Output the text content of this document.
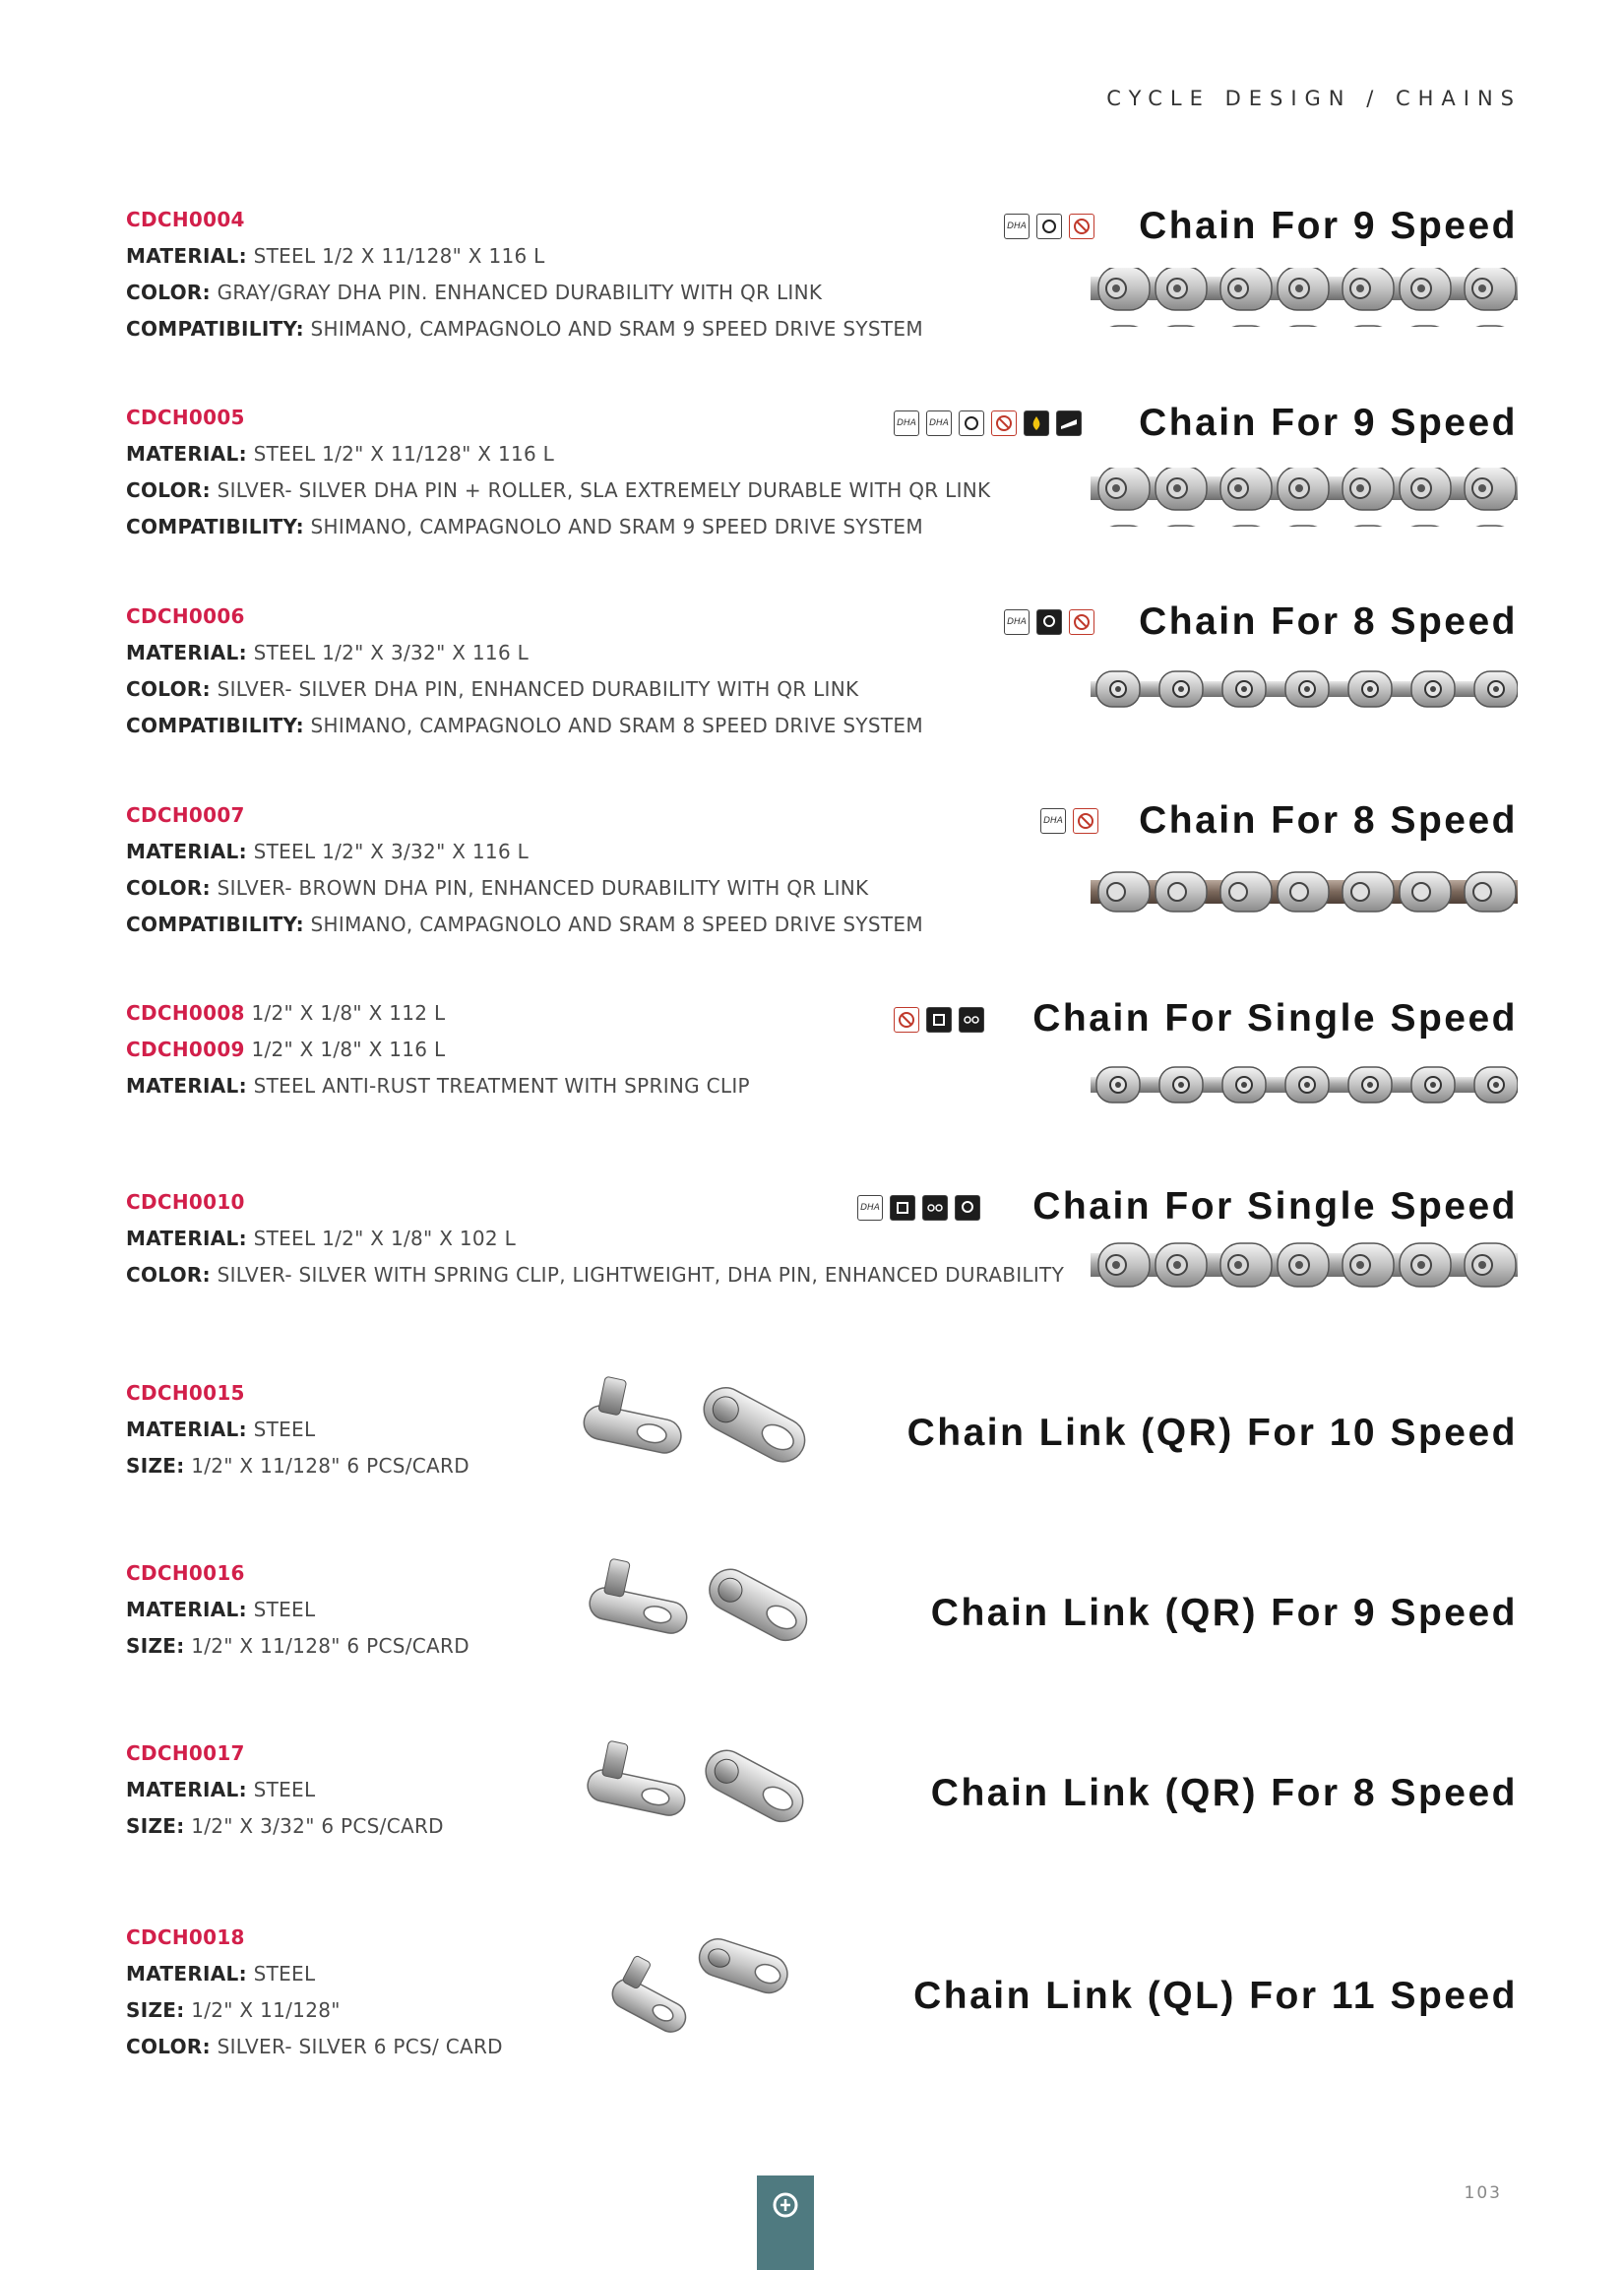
CYCLE DESIGN / CHAINS
CDCH0004
MATERIAL: STEEL 1/2 X 11/128" X 116 L
COLOR: GRAY/GRAY DHA PIN. ENHANCED DURABILITY WITH QR LINK
COMPATIBILITY: SHIMANO, CAMPAGNOLO AND SRAM 9 SPEED DRIVE SYSTEM
DHA	Chain For 9 Speed
CDCH0005
MATERIAL: STEEL 1/2" X 11/128" X 116 L
COLOR: SILVER- SILVER DHA PIN + ROLLER, SLA EXTREMELY DURABLE WITH QR LINK
COMPATIBILITY: SHIMANO, CAMPAGNOLO AND SRAM 9 SPEED DRIVE SYSTEM
DHA	DHA	Chain For 9 Speed
CDCH0006
MATERIAL: STEEL 1/2" X 3/32" X 116 L
COLOR: SILVER- SILVER DHA PIN, ENHANCED DURABILITY WITH QR LINK
COMPATIBILITY: SHIMANO, CAMPAGNOLO AND SRAM 8 SPEED DRIVE SYSTEM
DHA	Chain For 8 Speed
CDCH0007
MATERIAL: STEEL 1/2" X 3/32" X 116 L
COLOR: SILVER- BROWN DHA PIN, ENHANCED DURABILITY WITH QR LINK
COMPATIBILITY: SHIMANO, CAMPAGNOLO AND SRAM 8 SPEED DRIVE SYSTEM
DHA Chain For 8 Speed
CDCH0008 1/2" X 1/8" X 112 L
CDCH0009 1/2" X 1/8" X 116 L
MATERIAL: STEEL ANTI-RUST TREATMENT WITH SPRING CLIP
Chain For Single Speed
CDCH0010
MATERIAL: STEEL 1/2" X 1/8" X 102 L
COLOR: SILVER- SILVER WITH SPRING CLIP, LIGHTWEIGHT, DHA PIN, ENHANCED DURABILITY
DHA	Chain For Single Speed
CDCH0015
MATERIAL: STEEL
SIZE: 1/2" X 11/128" 6 PCS/CARD
Chain Link (QR) For 10 Speed
CDCH0016
MATERIAL: STEEL
SIZE: 1/2" X 11/128" 6 PCS/CARD
Chain Link (QR) For 9 Speed
CDCH0017
MATERIAL: STEEL
SIZE: 1/2" X 3/32" 6 PCS/CARD
Chain Link (QR) For 8 Speed
CDCH0018
MATERIAL: STEEL
SIZE: 1/2" X 11/128"
COLOR: SILVER- SILVER 6 PCS/ CARD
Chain Link (QL) For 11 Speed
103
